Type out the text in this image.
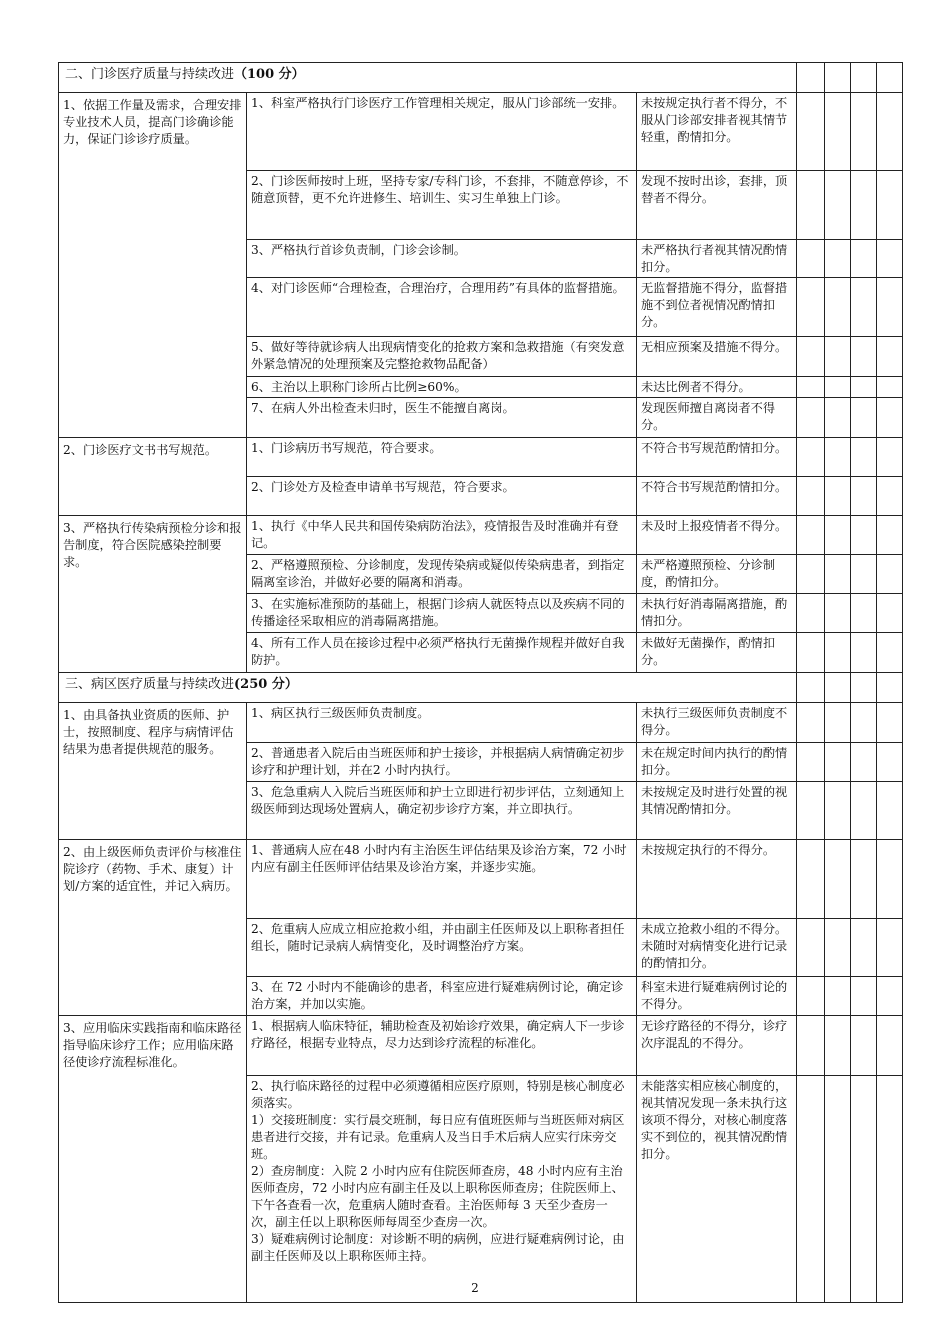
二、门诊医疗质量与持续改进（100 分）						
1、依据工作量及需求，合理安排专业技术人员，提高门诊确诊能力，保证门诊诊疗质量。	1、科室严格执行门诊医疗工作管理相关规定，服从门诊部统一安排。	未按规定执行者不得分，不服从门诊部安排者视其情节轻重，酌情扣分。				
	2、门诊医师按时上班，坚持专家/专科门诊，不套排，不随意停诊，不随意顶替，更不允许进修生、培训生、实习生单独上门诊。	发现不按时出诊，套排，顶替者不得分。				
	3、严格执行首诊负责制，门诊会诊制。	未严格执行者视其情况酌情扣分。				
	4、对门诊医师“合理检查，合理治疗，合理用药”有具体的监督措施。	无监督措施不得分，监督措施不到位者视情况酌情扣分。				
	5、做好等待就诊病人出现病情变化的抢救方案和急救措施（有突发意外紧急情况的处理预案及完整抢救物品配备）	无相应预案及措施不得分。				
	6、主治以上职称门诊所占比例≥60%。	未达比例者不得分。				
	7、在病人外出检查未归时，医生不能擅自离岗。	发现医师擅自离岗者不得分。				
2、门诊医疗文书书写规范。	1、门诊病历书写规范，符合要求。	不符合书写规范酌情扣分。				
	2、门诊处方及检查申请单书写规范，符合要求。	不符合书写规范酌情扣分。				
3、严格执行传染病预检分诊和报告制度，符合医院感染控制要求。	1、执行《中华人民共和国传染病防治法》，疫情报告及时准确并有登记。	未及时上报疫情者不得分。				
	2、严格遵照预检、分诊制度，发现传染病或疑似传染病患者，到指定隔离室诊治，并做好必要的隔离和消毒。	未严格遵照预检、分诊制度，酌情扣分。				
	3、在实施标准预防的基础上，根据门诊病人就医特点以及疾病不同的传播途径采取相应的消毒隔离措施。	未执行好消毒隔离措施，酌情扣分。				
	4、所有工作人员在接诊过程中必须严格执行无菌操作规程并做好自我防护。	未做好无菌操作，酌情扣分。				
三、病区医疗质量与持续改进(250 分）						
1、由具备执业资质的医师、护士，按照制度、程序与病情评估结果为患者提供规范的服务。	1、病区执行三级医师负责制度。	未执行三级医师负责制度不得分。				
	2、普通患者入院后由当班医师和护士接诊，并根据病人病情确定初步诊疗和护理计划，并在2 小时内执行。	未在规定时间内执行的酌情扣分。				
	3、危急重病人入院后当班医师和护士立即进行初步评估，立刻通知上级医师到达现场处置病人，确定初步诊疗方案，并立即执行。	未按规定及时进行处置的视其情况酌情扣分。				
2、由上级医师负责评价与核准住院诊疗（药物、手术、康复）计划/方案的适宜性，并记入病历。	1、普通病人应在48 小时内有主治医生评估结果及诊治方案，72 小时内应有副主任医师评估结果及诊治方案，并逐步实施。	未按规定执行的不得分。				
	2、危重病人应成立相应抢救小组，并由副主任医师及以上职称者担任组长，随时记录病人病情变化，及时调整治疗方案。	未成立抢救小组的不得分。未随时对病情变化进行记录的酌情扣分。				
	3、在 72 小时内不能确诊的患者，科室应进行疑难病例讨论，确定诊治方案，并加以实施。	科室未进行疑难病例讨论的不得分。				
3、应用临床实践指南和临床路径指导临床诊疗工作；应用临床路径使诊疗流程标准化。	1、根据病人临床特征，辅助检查及初始诊疗效果，确定病人下一步诊疗路径，根据专业特点，尽力达到诊疗流程的标准化。	无诊疗路径的不得分，诊疗次序混乱的不得分。				
	2、执行临床路径的过程中必须遵循相应医疗原则，特别是核心制度必须落实。
1）交接班制度：实行晨交班制，每日应有值班医师与当班医师对病区患者进行交接，并有记录。危重病人及当日手术后病人应实行床旁交班。
2）查房制度：入院 2 小时内应有住院医师查房，48 小时内应有主治医师查房，72 小时内应有副主任及以上职称医师查房；住院医师上、下午各查看一次，危重病人随时查看。主治医师每 3 天至少查房一次，副主任以上职称医师每周至少查房一次。
3）疑难病例讨论制度：对诊断不明的病例，应进行疑难病例讨论，由副主任医师及以上职称医师主持。	未能落实相应核心制度的，视其情况发现一条未执行这该项不得分，对核心制度落实不到位的，视其情况酌情扣分。				
2
